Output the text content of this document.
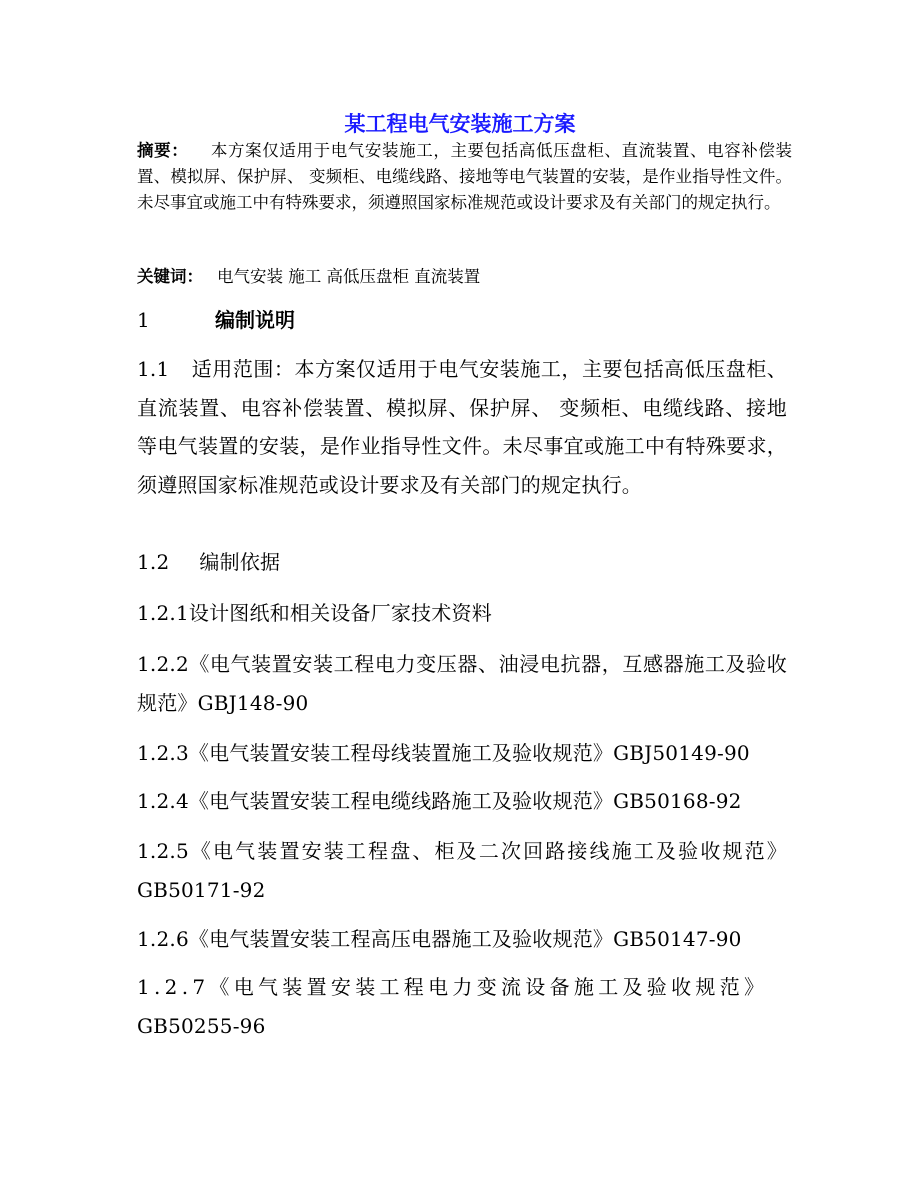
某工程电气安装施工方案
摘要： 本方案仅适用于电气安装施工，主要包括高低压盘柜、直流装置、电容补偿装置、模拟屏、保护屏、 变频柜、电缆线路、接地等电气装置的安装，是作业指导性文件。未尽事宜或施工中有特殊要求，须遵照国家标准规范或设计要求及有关部门的规定执行。
关键词： 电气安装 施工 高低压盘柜 直流装置
1	编制说明
1.1 适用范围：本方案仅适用于电气安装施工，主要包括高低压盘柜、直流装置、电容补偿装置、模拟屏、保护屏、 变频柜、电缆线路、接地等电气装置的安装，是作业指导性文件。未尽事宜或施工中有特殊要求，须遵照国家标准规范或设计要求及有关部门的规定执行。
1.2 编制依据
1.2.1设计图纸和相关设备厂家技术资料
1.2.2《电气装置安装工程电力变压器、油浸电抗器，互感器施工及验收规范》GBJ148-90
1.2.3《电气装置安装工程母线装置施工及验收规范》GBJ50149-90
1.2.4《电气装置安装工程电缆线路施工及验收规范》GB50168-92
1.2.5《电气装置安装工程盘、柜及二次回路接线施工及验收规范》GB50171-92
1.2.6《电气装置安装工程高压电器施工及验收规范》GB50147-90
1.2.7《电气装置安装工程电力变流设备施工及验收规范》
GB50255-96
